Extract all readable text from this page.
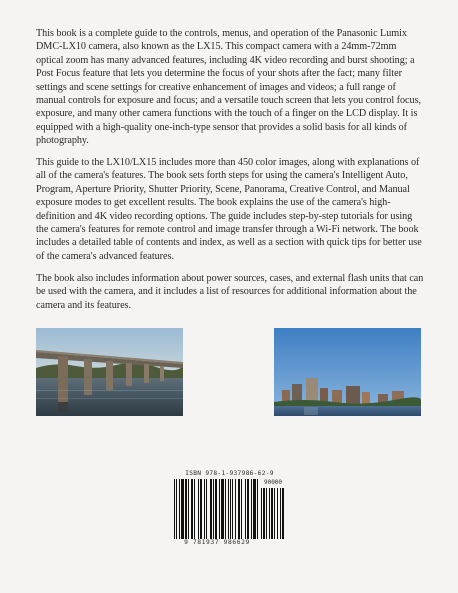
This book is a complete guide to the controls, menus, and operation of the Panasonic Lumix DMC-LX10 camera, also known as the LX15. This compact camera with a 24mm-72mm optical zoom has many advanced features, including 4K video recording and burst shooting; a Post Focus feature that lets you determine the focus of your shots after the fact; many filter settings and scene settings for creative enhancement of images and videos; a full range of manual controls for exposure and focus; and a versatile touch screen that lets you control focus, exposure, and many other camera functions with the touch of a finger on the LCD display. It is equipped with a high-quality one-inch-type sensor that provides a solid basis for all kinds of photography.

This guide to the LX10/LX15 includes more than 450 color images, along with explanations of all of the camera's features. The book sets forth steps for using the camera's Intelligent Auto, Program, Aperture Priority, Shutter Priority, Scene, Panorama, Creative Control, and Manual exposure modes to get excellent results. The book explains the use of the camera's high-definition and 4K video recording options. The guide includes step-by-step tutorials for using the camera's features for remote control and image transfer through a Wi-Fi network. The book includes a detailed table of contents and index, as well as a section with quick tips for better use of the camera's advanced features.

The book also includes information about power sources, cases, and external flash units that can be used with the camera, and it includes a list of resources for additional information about the camera and its features.

ISBN 978-1-937986-62-9
90000
9 781937 986629
